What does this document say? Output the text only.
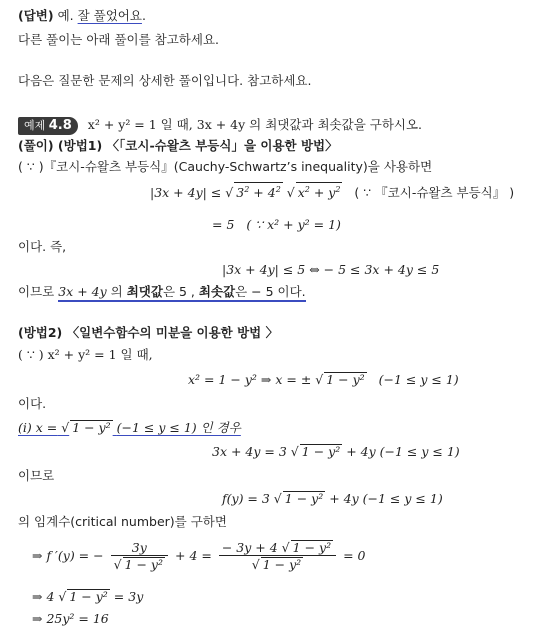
(답변) 예. 잘 풀었어요.
다른 풀이는 아래 풀이를 참고하세요.
다음은 질문한 문제의 상세한 풀이입니다. 참고하세요.
예제 4.8 x² + y² = 1 일 때, 3x + 4y 의 최댓값과 최솟값을 구하시오.
(풀이) (방법1) 〈「코시-슈왈츠 부등식」을 이용한 방법〉
( ∵ )『코시-슈왈츠 부등식』(Cauchy-Schwartz’s inequality)을 사용하면
|3x + 4y| ≤ √ $3^2 + 4^2$ √ $x^2 + y^2$ ( ∵ 『코시-슈왈츠 부등식』 )
= 5 ( ∵ x² + y² = 1)
이다. 즉,
|3x + 4y| ≤ 5 ⇔ − 5 ≤ 3x + 4y ≤ 5
이므로 3x + 4y 의 최댓값은 5 , 최솟값은 − 5 이다.
(방법2) 〈일변수함수의 미분을 이용한 방법 〉
( ∵ ) x² + y² = 1 일 때,
x² = 1 − y² ⇒ x = ± √ 1 − y² (−1 ≤ y ≤ 1)
이다.
(i) x = √ 1 − y² (−1 ≤ y ≤ 1) 인 경우
3x + 4y = 3 √ 1 − y² + 4y (−1 ≤ y ≤ 1)
이므로
f(y) = 3 √ 1 − y² + 4y (−1 ≤ y ≤ 1)
의 임계수(critical number)를 구하면
⇒ f ′(y) = − $\frac{3y}{\text{√ 1 − y²}} + 4 = \frac{\text{− 3y + 4 √ 1 − y²}}{\text{√ 1 − y²}} = 0$
⇒ 4 √ 1 − y² = 3y
⇒ 25y² = 16
